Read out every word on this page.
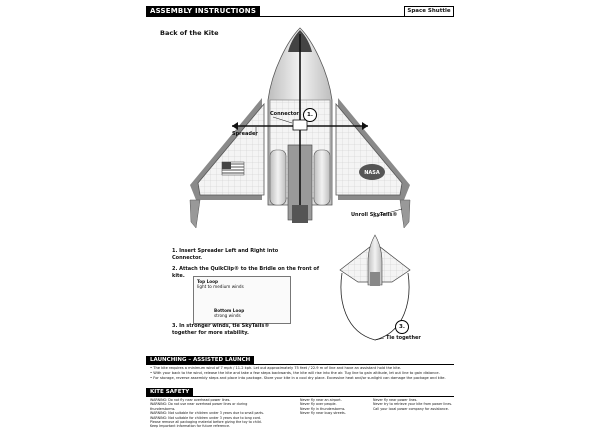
ASSEMBLY INSTRUCTIONS	Space Shuttle
Back of the Kite
NASA
Connector
Spreader
Unroll SkyTails®
Tie together
1.
3.
Top Loop
light to medium winds
Bottom Loop
strong winds
1. Insert Spreader Left and Right into Connector.
2. Attach the QuikClip® to the Bridle on the front of kite.
3. In stronger winds, tie SkyTails® together for more stability.
LAUNCHING – ASSISTED LAUNCH
• The kite requires a minimum wind of 7 mph / 11.2 kph. Let out approximately 75 feet / 22.9 m of line and have an assistant hold the kite.
• With your back to the wind, release the kite and take a few steps backwards, the kite will rise into the air. Tug line to gain altitude, let out line to gain distance.
• For storage, reverse assembly steps and place into package. Store your kite in a cool dry place. Excessive heat and/or sunlight can damage the package and kite.
KITE SAFETY
WARNING: Do not fly near overhead power lines.
WARNING: Do not use near overhead power lines or during thunderstorms.
WARNING: Not suitable for children under 3 years due to small parts.
WARNING: Not suitable for children under 3 years due to long cord.
Please remove all packaging material before giving the toy to child.
Keep Important information for future reference.
Never fly near an airport.
Never fly over people.
Never fly in thunderstorms.
Never fly near busy streets.
Never fly near power lines.
Never try to retrieve your kite from power lines.
Call your local power company for assistance.
